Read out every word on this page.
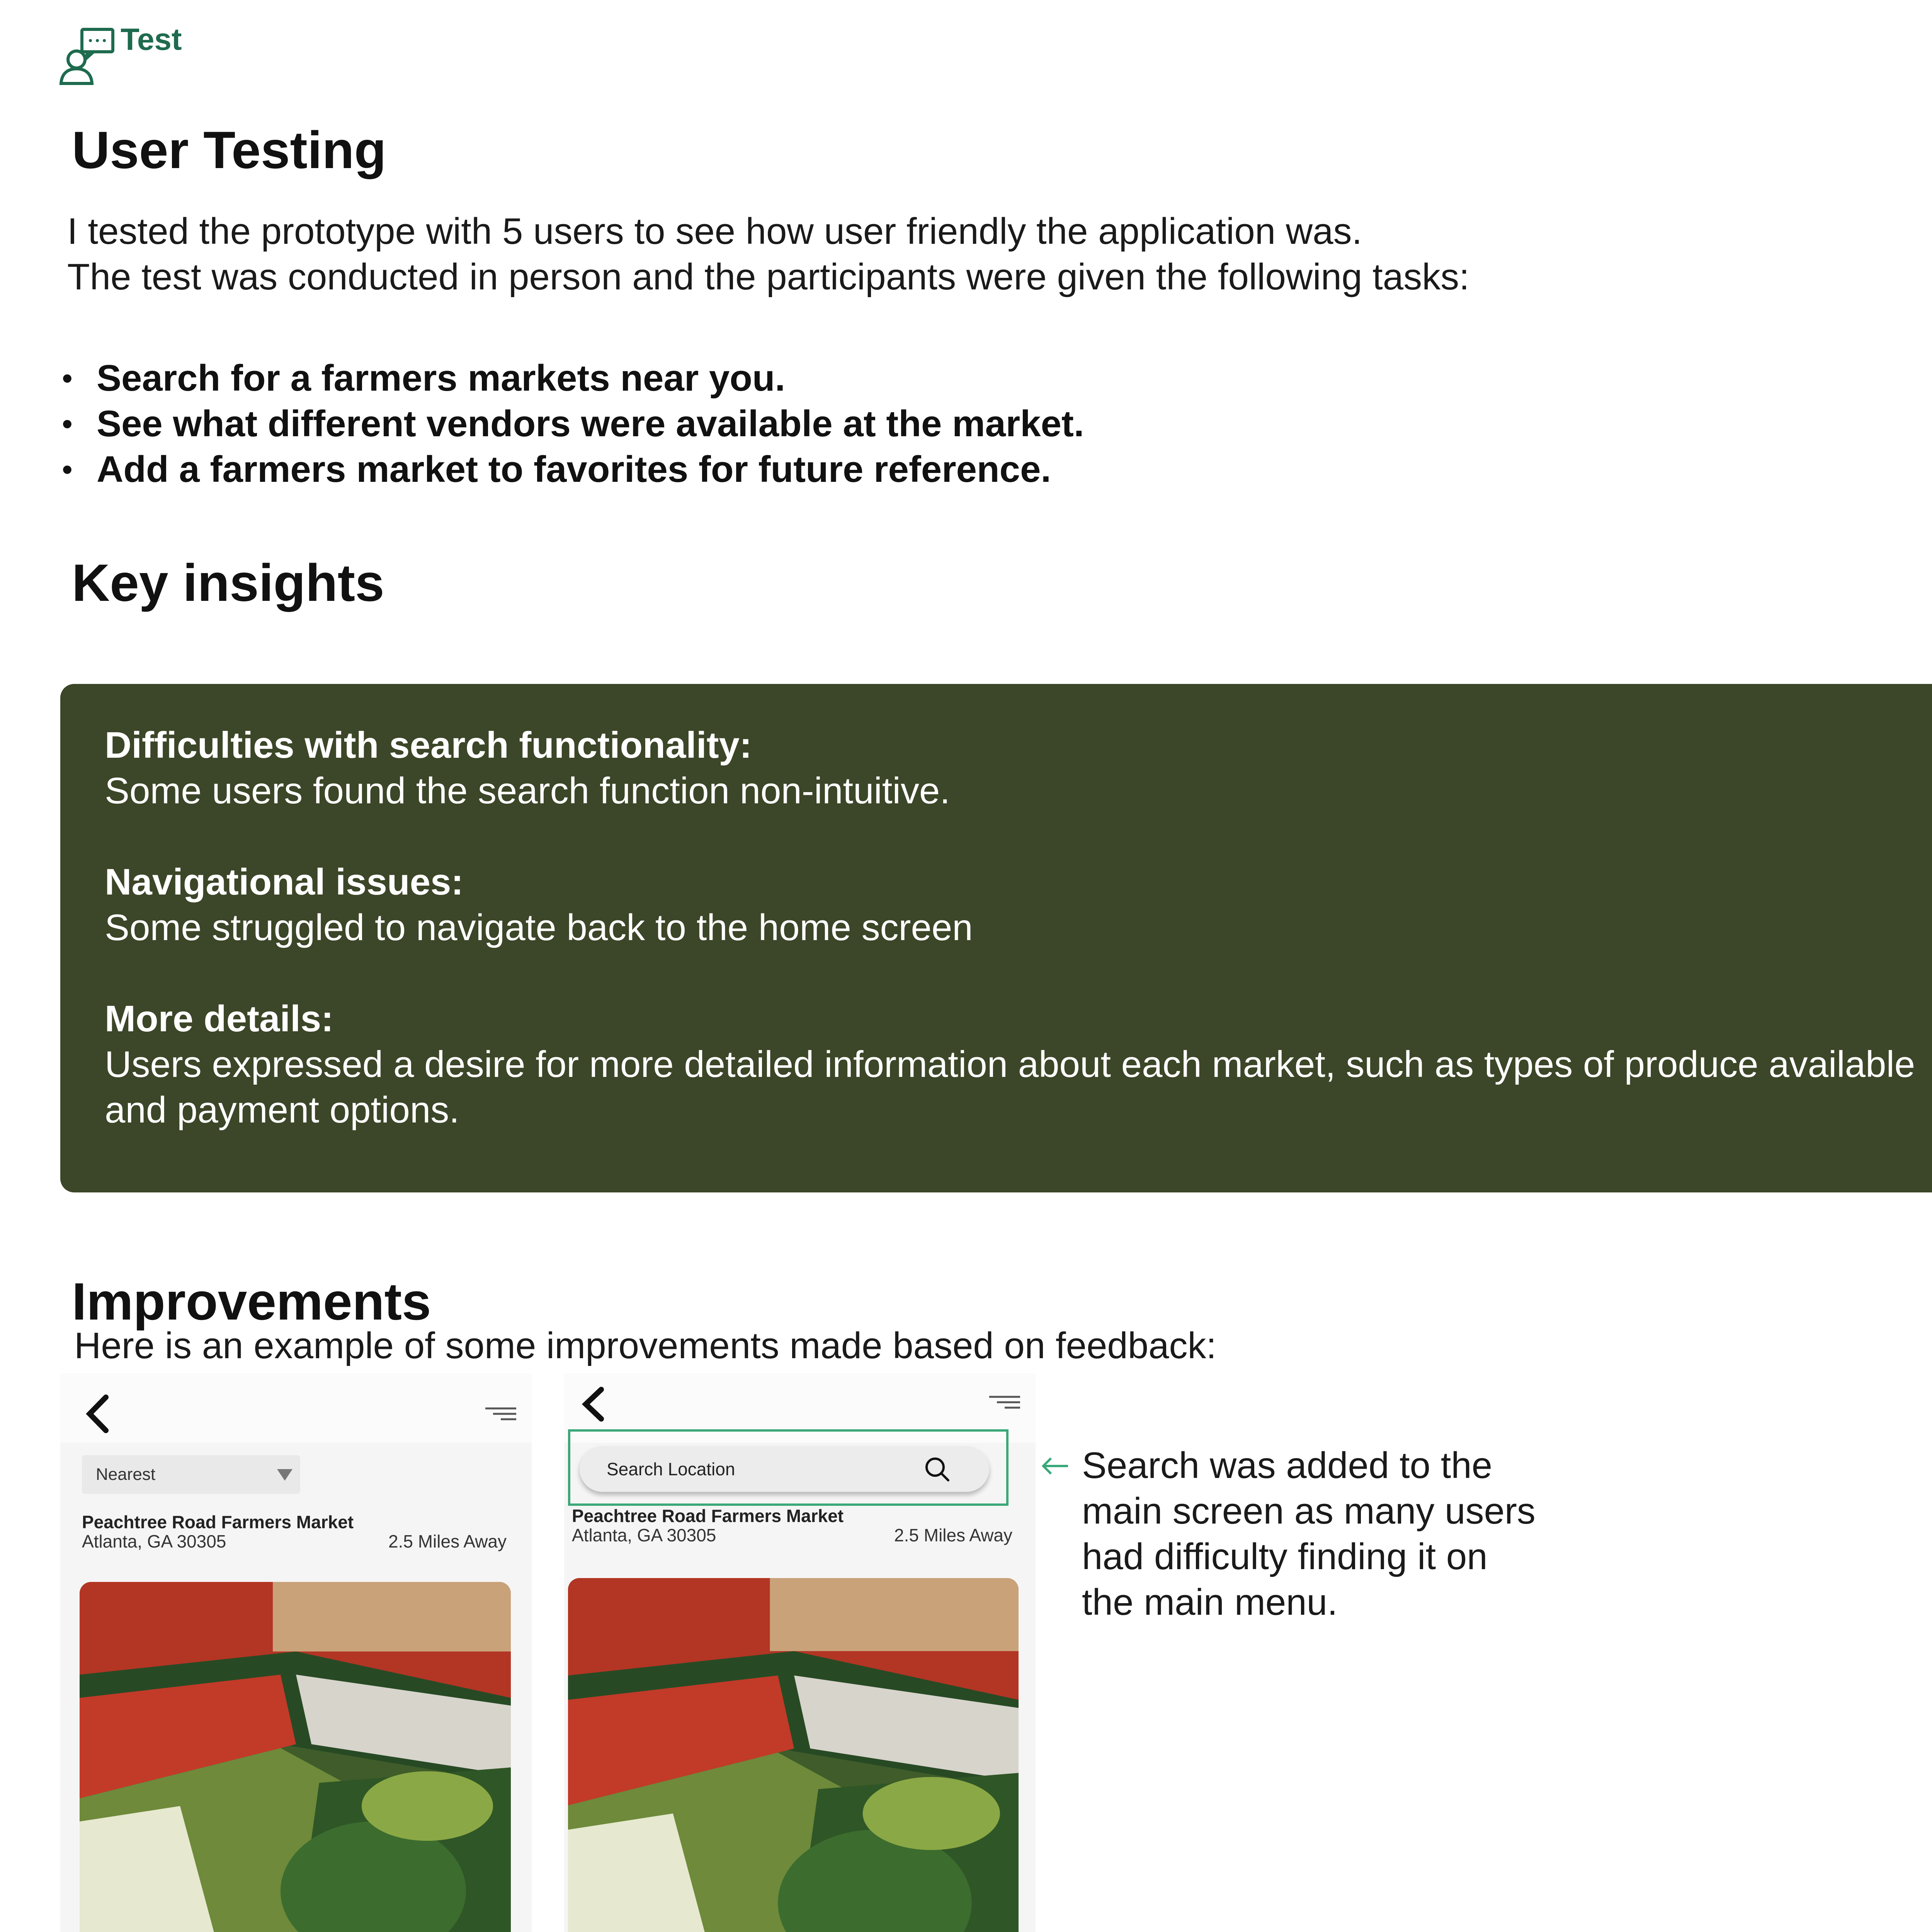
Test
User Testing
I tested the prototype with 5 users to see how user friendly the application was.
The test was conducted in person and the participants were given the following tasks:
• Search for a farmers markets near you.
• See what different vendors were available at the market.
• Add a farmers market to favorites for future reference.
Key insights
Difficulties with search functionality:
Some users found the search function non-intuitive.
Navigational issues:
Some struggled to navigate back to the home screen
More details:
Users expressed a desire for more detailed information about each market, such as types of produce available and payment options.
Improvements
Here is an example of some improvements made based on feedback:
Nearest
Peachtree Road Farmers Market
Atlanta, GA 30305	2.5 Miles Away
Search Location
Peachtree Road Farmers Market
Atlanta, GA 30305	2.5 Miles Away
Search was added to the
main screen as many users
had difficulty finding it on
the main menu.
